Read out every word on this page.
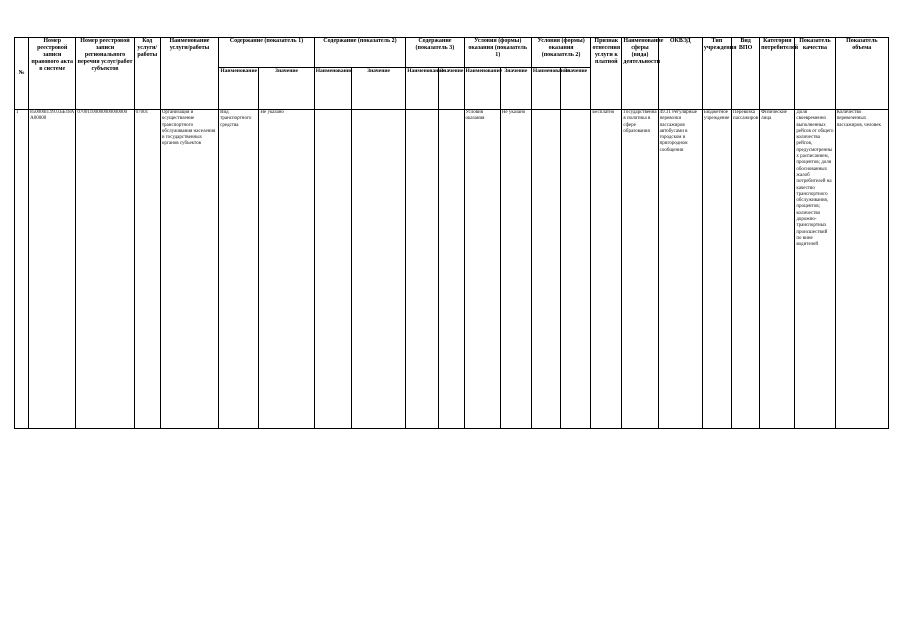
№	Номер реестровой записи правового акта в системе	Номер реестровой записи регионального перечня услуг/работ субъектов	Код услуги/работы	Наименование услуги/работы	Содержание (показатель 1)		Содержание (показатель 2)		Содержание (показатель 3)		Условия (формы) оказания (показатель 1)		Условия (формы) оказания (показатель 2)		Признак отнесения услуги к платной	Наименование сферы (вида) деятельности	ОКВЭД	Тип учреждения	Вид ВПО	Категория потребителей	Показатель качества	Показатель объема
					Наименование	Значение	Наименование	Значение	Наименование	Значение	Наименование	Значение	Наименование	Значение								
1	850000П.99.0.ББ18АА00000	07001100000000000000	07001	Организация и осуществление транспортного обслуживания населения и государственных органов субъектов	Вид транспортного средства	Не указано					Условия оказания	Не указано			Бесплатно	Государственная политика в сфере образования	49.31 Регулярные перевозки пассажиров автобусами в городском и пригородном сообщении	Бюджетное учреждение	Перевозка пассажиров	Физические лица	Доля своевременно выполненных рейсов от общего количества рейсов, предусмотренных расписанием, процентов; доля обоснованных жалоб потребителей на качество транспортного обслуживания, процентов; количество дорожно-транспортных происшествий по вине водителей	Количество перевезенных пассажиров, человек
